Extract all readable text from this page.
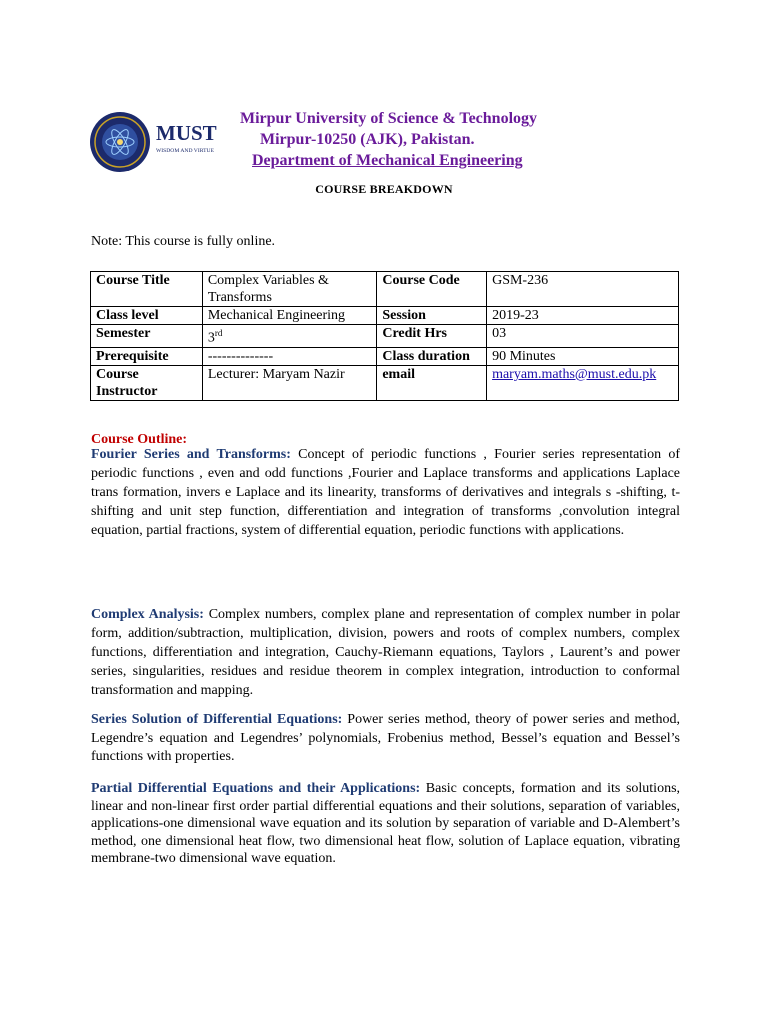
MUST
WISDOM AND VIRTUE
Mirpur University of Science & Technology
Mirpur-10250 (AJK), Pakistan.
Department of Mechanical Engineering
COURSE BREAKDOWN
Note: This course is fully online.
Course Title	Complex Variables & Transforms	Course Code	GSM-236
Class level	Mechanical Engineering	Session	2019-23
Semester	3rd	Credit Hrs	03
Prerequisite	--------------	Class duration	90 Minutes
Course Instructor	Lecturer: Maryam Nazir	email	maryam.maths@must.edu.pk
Course Outline:

Fourier Series and Transforms: Concept of periodic functions , Fourier series representation of periodic functions , even and odd functions ,Fourier and Laplace transforms and applications Laplace trans formation, invers e Laplace and its linearity, transforms of derivatives and integrals s -shifting, t-shifting and unit step function, differentiation and integration of transforms ,convolution integral equation, partial fractions, system of differential equation, periodic functions with applications.

Complex Analysis: Complex numbers, complex plane and representation of complex number in polar form, addition/subtraction, multiplication, division, powers and roots of complex numbers, complex functions, differentiation and integration, Cauchy-Riemann equations, Taylors , Laurent’s and power series, singularities, residues and residue theorem in complex integration, introduction to conformal transformation and mapping.

Series Solution of Differential Equations: Power series method, theory of power series and method, Legendre’s equation and Legendres’ polynomials, Frobenius method, Bessel’s equation and Bessel’s functions with properties.

Partial Differential Equations and their Applications: Basic concepts, formation and its solutions, linear and non-linear first order partial differential equations and their solutions, separation of variables, applications-one dimensional wave equation and its solution by separation of variable and D-Alembert’s method, one dimensional heat flow, two dimensional heat flow, solution of Laplace equation, vibrating membrane-two dimensional wave equation.
